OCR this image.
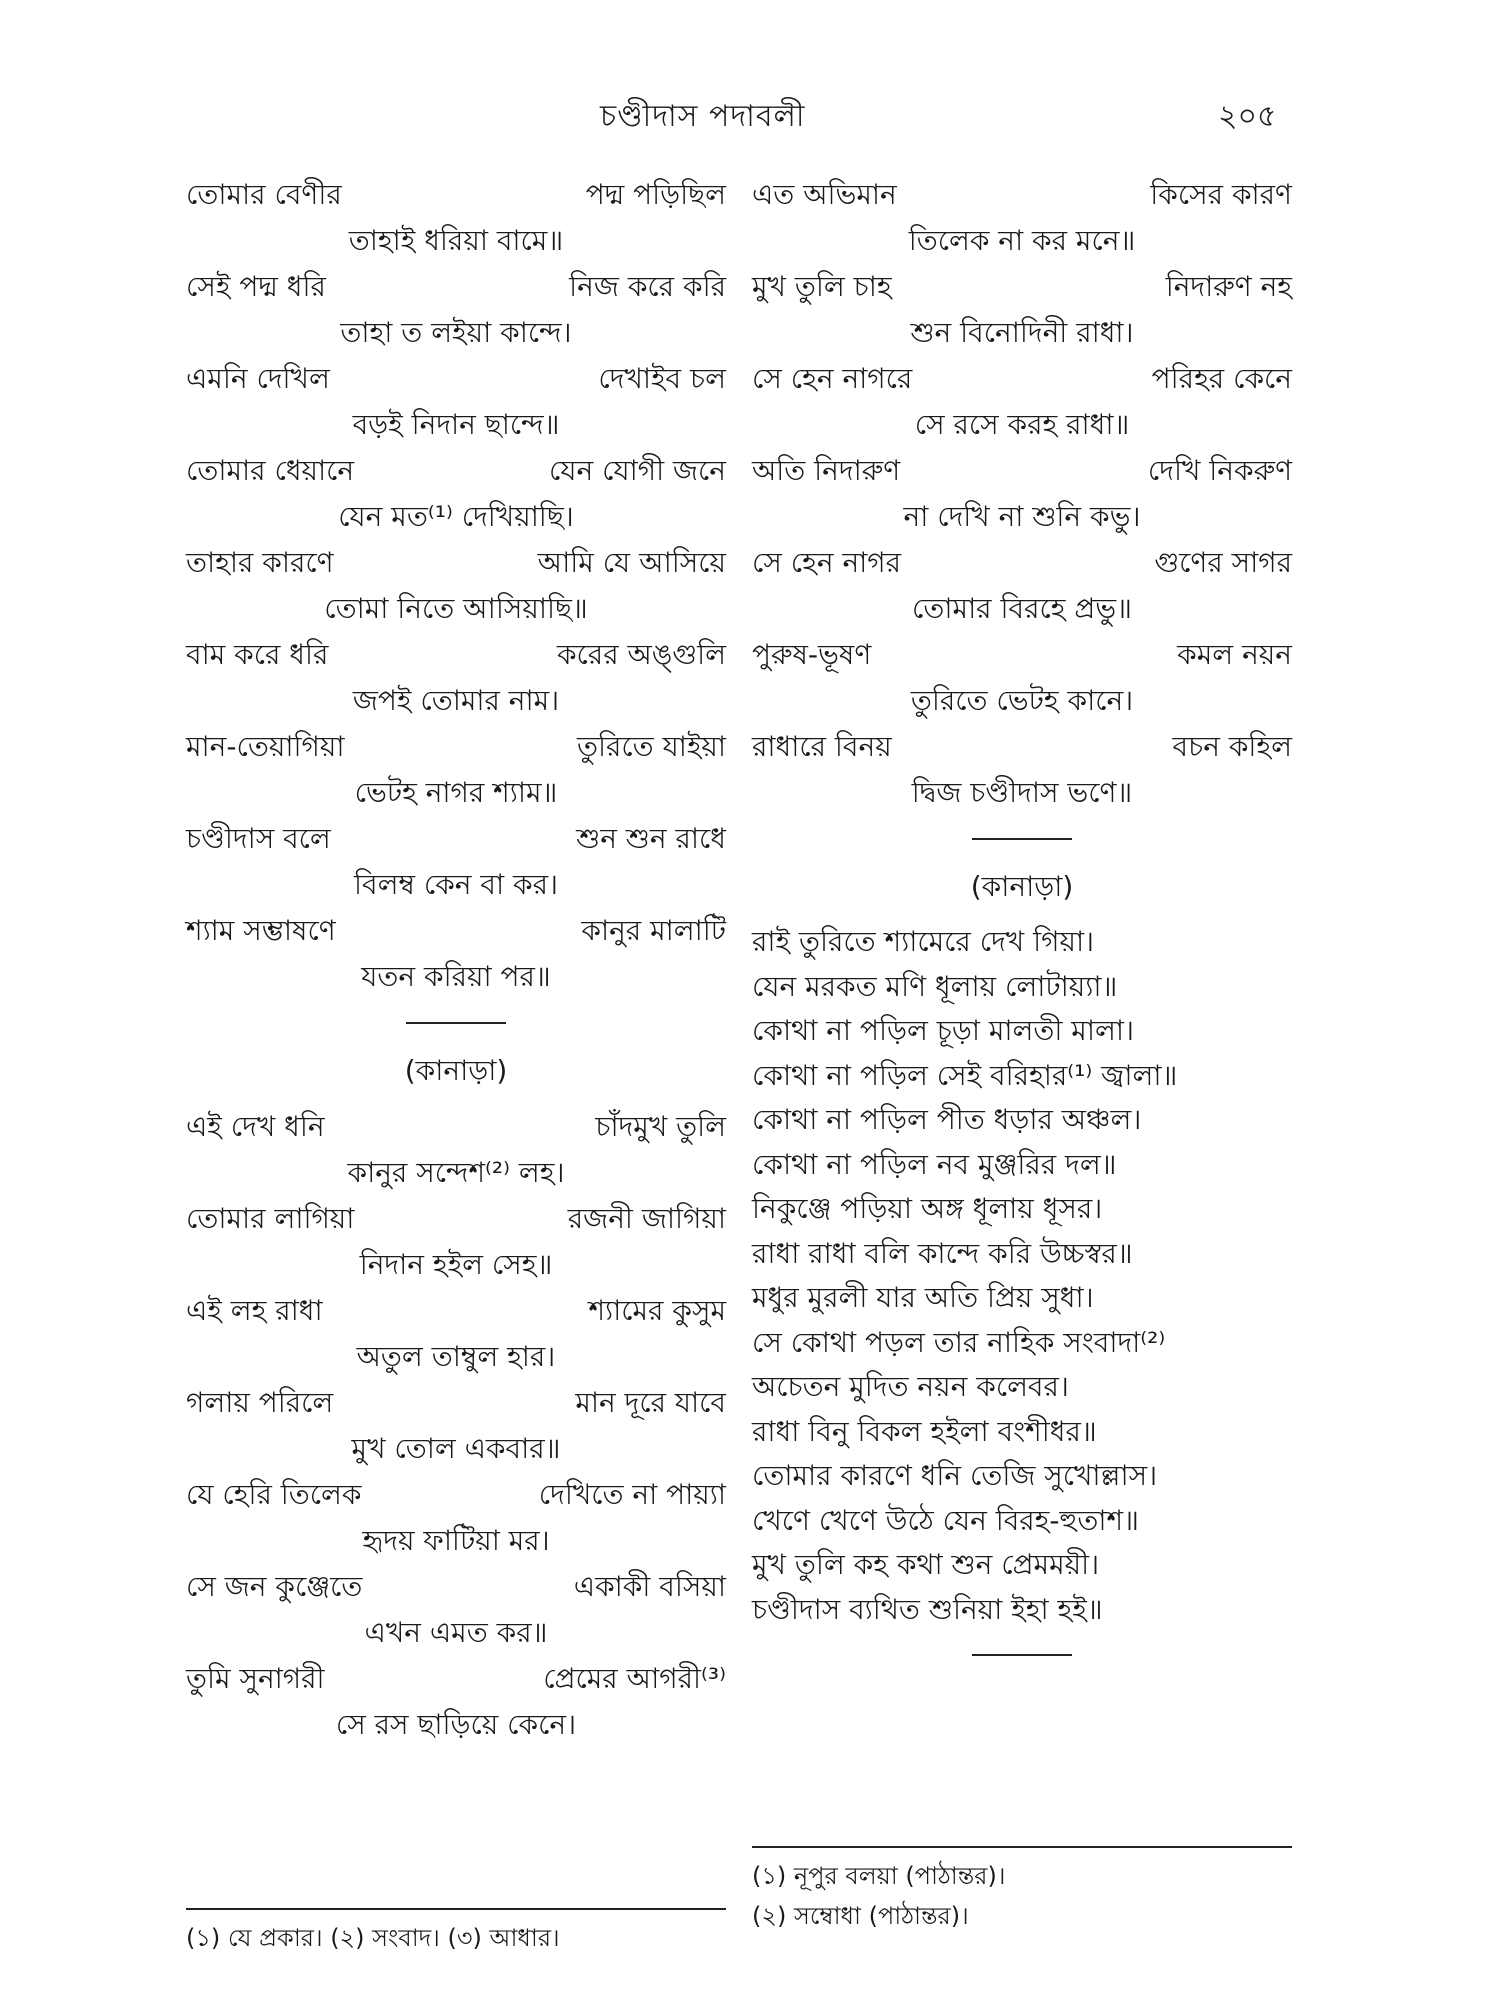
চণ্ডীদাস পদাবলী	২০৫
তোমার বেণীর	পদ্ম পড়িছিল
তাহাই ধরিয়া বামে॥
সেই পদ্ম ধরি	নিজ করে করি
তাহা ত লইয়া কান্দে।
এমনি দেখিল	দেখাইব চল
বড়ই নিদান ছান্দে॥
তোমার ধেয়ানে	যেন যোগী জনে
যেন মত⁽¹⁾ দেখিয়াছি।
তাহার কারণে	আমি যে আসিয়ে
তোমা নিতে আসিয়াছি॥
বাম করে ধরি	করের অঙ্গুলি
জপই তোমার নাম।
মান-তেয়াগিয়া	তুরিতে যাইয়া
ভেটহ নাগর শ্যাম॥
চণ্ডীদাস বলে	শুন শুন রাধে
বিলম্ব কেন বা কর।
শ্যাম সম্ভাষণে	কানুর মালাটি
যতন করিয়া পর॥
(কানাড়া)
এই দেখ ধনি	চাঁদমুখ তুলি
কানুর সন্দেশ⁽²⁾ লহ।
তোমার লাগিয়া	রজনী জাগিয়া
নিদান হইল সেহ॥
এই লহ রাধা	শ্যামের কুসুম
অতুল তাম্বুল হার।
গলায় পরিলে	মান দূরে যাবে
মুখ তোল একবার॥
যে হেরি তিলেক	দেখিতে না পায়্যা
হৃদয় ফাটিয়া মর।
সে জন কুঞ্জেতে	একাকী বসিয়া
এখন এমত কর॥
তুমি সুনাগরী	প্রেমের আগরী⁽³⁾
সে রস ছাড়িয়ে কেনে।
এত অভিমান	কিসের কারণ
তিলেক না কর মনে॥
মুখ তুলি চাহ	নিদারুণ নহ
শুন বিনোদিনী রাধা।
সে হেন নাগরে	পরিহর কেনে
সে রসে করহ রাধা॥
অতি নিদারুণ	দেখি নিকরুণ
না দেখি না শুনি কভু।
সে হেন নাগর	গুণের সাগর
তোমার বিরহে প্রভু॥
পুরুষ-ভূষণ	কমল নয়ন
তুরিতে ভেটহ কানে।
রাধারে বিনয়	বচন কহিল
দ্বিজ চণ্ডীদাস ভণে॥
(কানাড়া)
রাই তুরিতে শ্যামেরে দেখ গিয়া।
যেন মরকত মণি ধূলায় লোটায়্যা॥
কোথা না পড়িল চূড়া মালতী মালা।
কোথা না পড়িল সেই বরিহার⁽¹⁾ জ্বালা॥
কোথা না পড়িল পীত ধড়ার অঞ্চল।
কোথা না পড়িল নব মুঞ্জরির দল॥
নিকুঞ্জে পড়িয়া অঙ্গ ধূলায় ধূসর।
রাধা রাধা বলি কান্দে করি উচ্চস্বর॥
মধুর মুরলী যার অতি প্রিয় সুধা।
সে কোথা পড়ল তার নাহিক সংবাদা⁽²⁾
অচেতন মুদিত নয়ন কলেবর।
রাধা বিনু বিকল হইলা বংশীধর॥
তোমার কারণে ধনি তেজি সুখোল্লাস।
খেণে খেণে উঠে যেন বিরহ-হুতাশ॥
মুখ তুলি কহ কথা শুন প্রেমময়ী।
চণ্ডীদাস ব্যথিত শুনিয়া ইহা হই॥
(১) যে প্রকার। (২) সংবাদ। (৩) আধার।
(১) নূপুর বলয়া (পাঠান্তর)।
(২) সম্বোধা (পাঠান্তর)।
